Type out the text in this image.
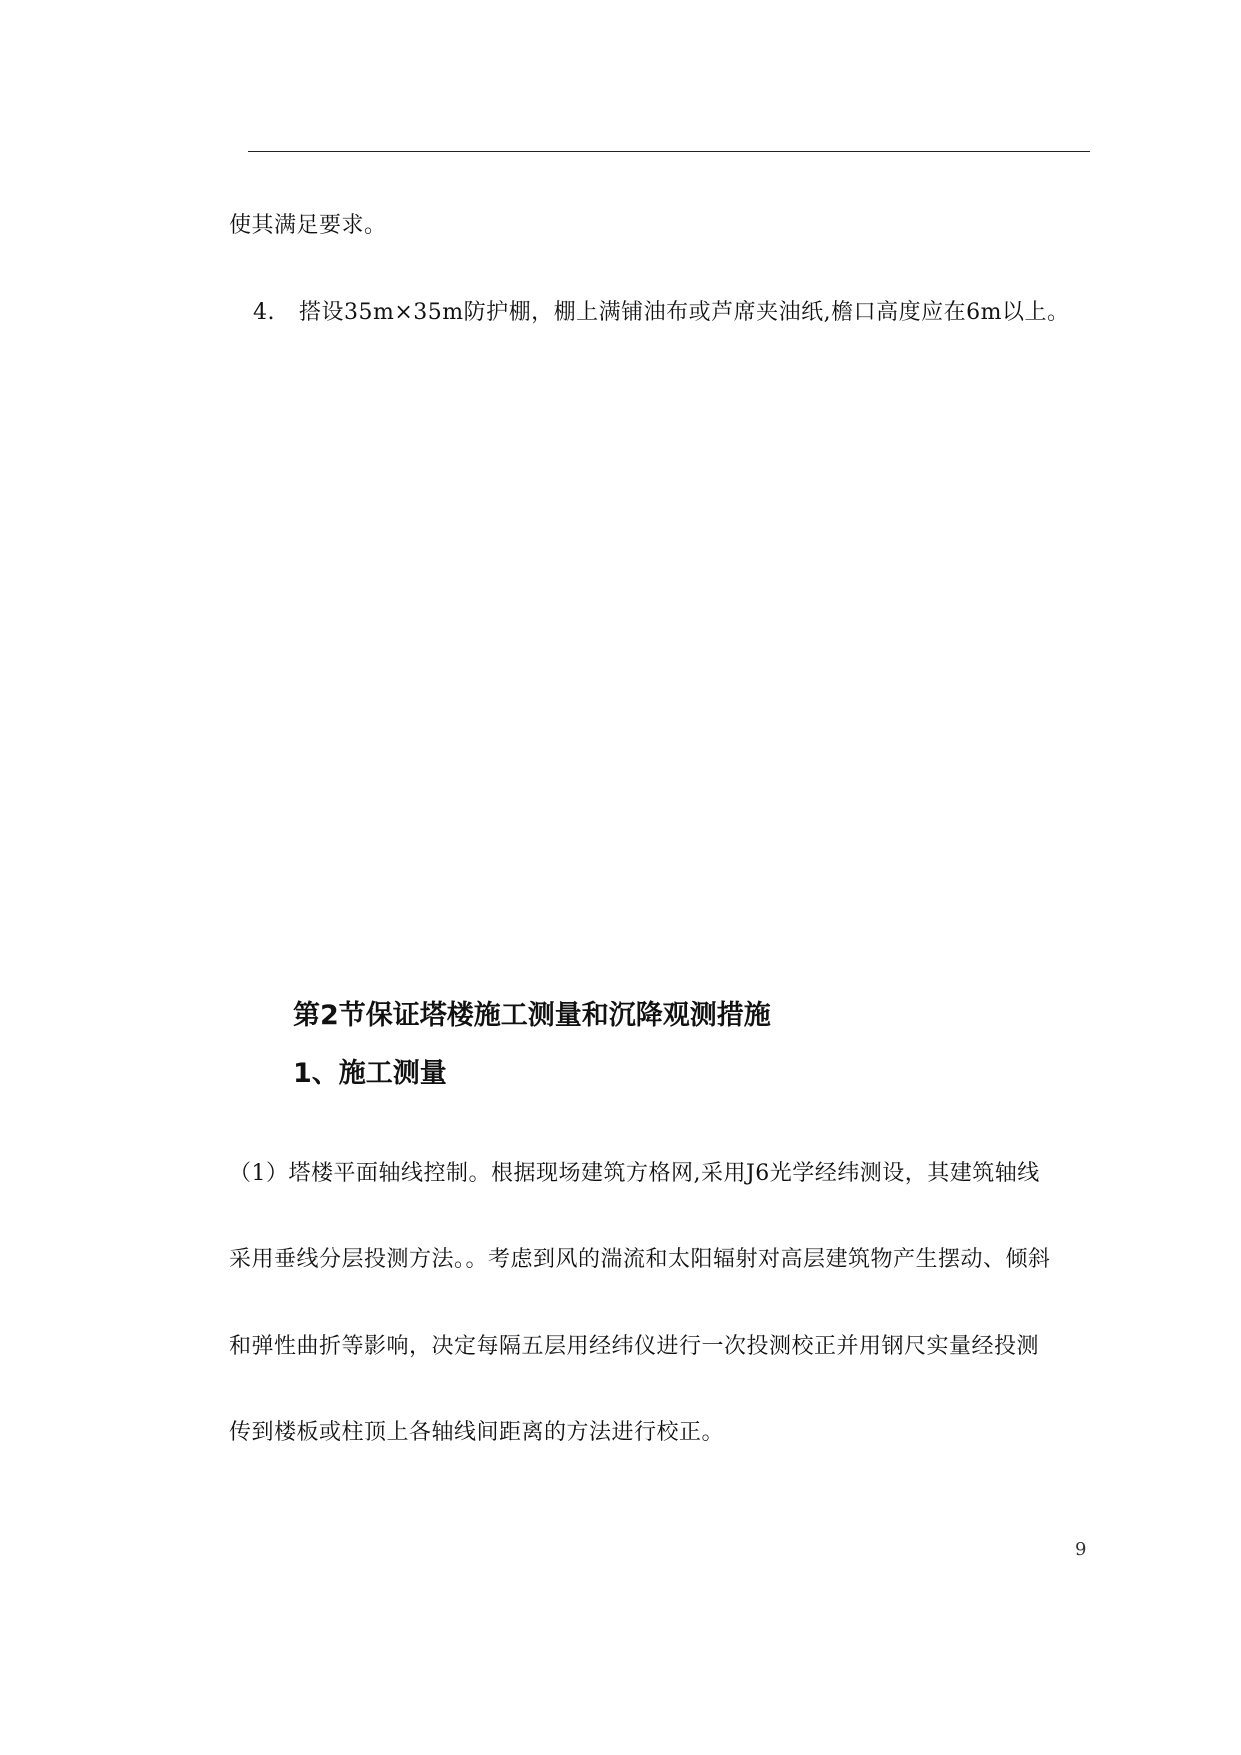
使其满足要求。
4. 搭设35m×35m防护棚，棚上满铺油布或芦席夹油纸,檐口高度应在6m以上。
第2节保证塔楼施工测量和沉降观测措施
1、施工测量
（1）塔楼平面轴线控制。根据现场建筑方格网,采用J6光学经纬测设，其建筑轴线
采用垂线分层投测方法。。考虑到风的湍流和太阳辐射对高层建筑物产生摆动、倾斜
和弹性曲折等影响，决定每隔五层用经纬仪进行一次投测校正并用钢尺实量经投测
传到楼板或柱顶上各轴线间距离的方法进行校正。
9
